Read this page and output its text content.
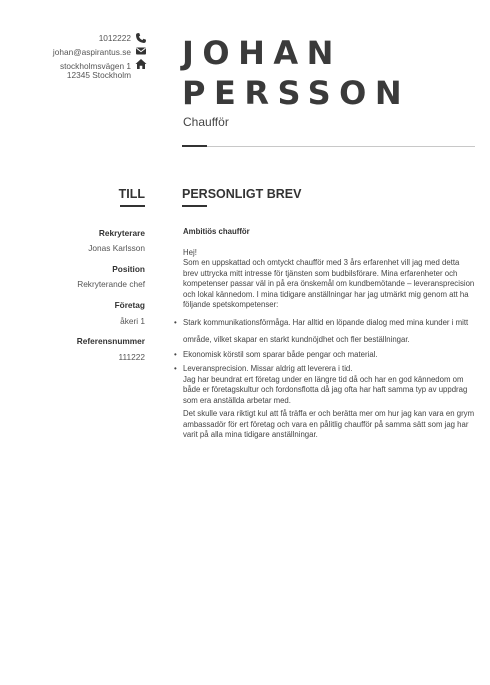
1012222
johan@aspirantus.se
stockholmsvägen 1
12345 Stockholm
JOHAN
PERSSON
Chaufför
TILL
Rekryterare
Jonas Karlsson
Position
Rekryterande chef
Företag
åkeri 1
Referensnummer
111222
PERSONLIGT BREV
Ambitiös chaufför

Hej!

Som en uppskattad och omtyckt chaufför med 3 års erfarenhet vill jag med detta brev uttrycka mitt intresse för tjänsten som budbilsförare. Mina erfarenheter och kompetenser passar väl in på era önskemål om kundbemötande – leveransprecision och lokal kännedom. I mina tidigare anställningar har jag utmärkt mig genom att ha följande spetskompetenser:

• Stark kommunikationsförmåga. Har alltid en löpande dialog med mina kunder i mitt område, vilket skapar en starkt kundnöjdhet och fler beställningar.
• Ekonomisk körstil som sparar både pengar och material.
• Leveransprecision. Missar aldrig att leverera i tid.

Jag har beundrat ert företag under en längre tid då och har en god kännedom om både er företagskultur och fordonsflotta då jag ofta har haft samma typ av uppdrag som era anställda arbetar med.

Det skulle vara riktigt kul att få träffa er och berätta mer om hur jag kan vara en grym ambassadör för ert företag och vara en pålitlig chaufför på samma sätt som jag har varit på alla mina tidigare anställningar.
